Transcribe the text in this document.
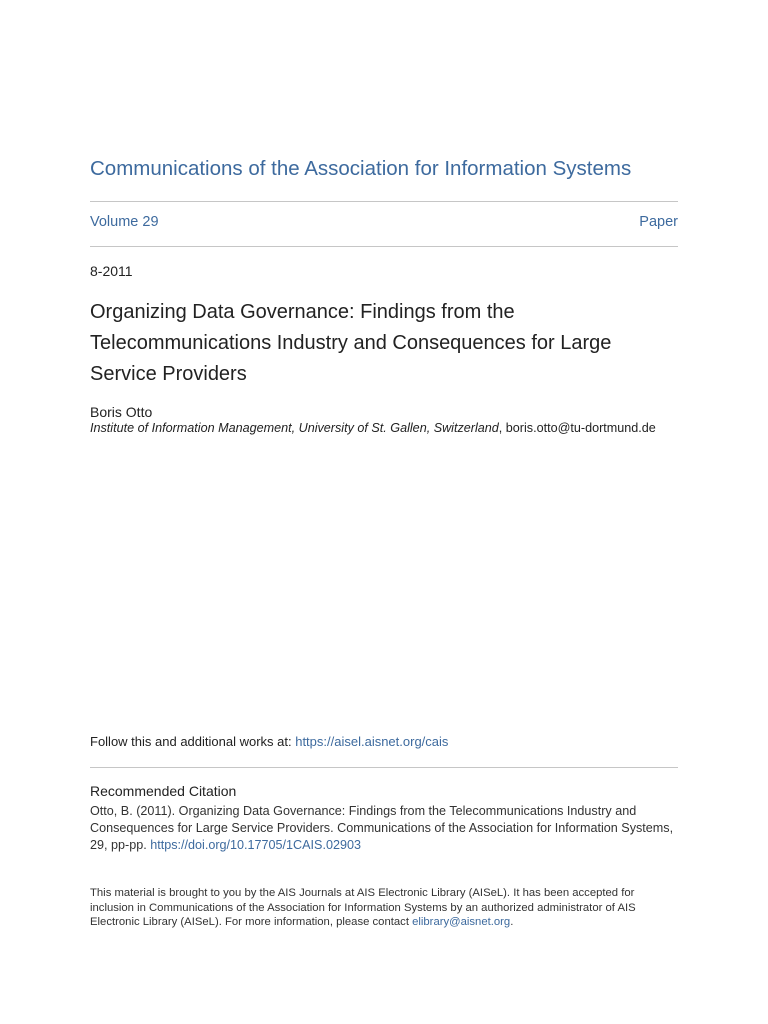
Communications of the Association for Information Systems
Volume 29	Paper
8-2011
Organizing Data Governance: Findings from the Telecommunications Industry and Consequences for Large Service Providers
Boris Otto
Institute of Information Management, University of St. Gallen, Switzerland, boris.otto@tu-dortmund.de
Follow this and additional works at: https://aisel.aisnet.org/cais
Recommended Citation
Otto, B. (2011). Organizing Data Governance: Findings from the Telecommunications Industry and Consequences for Large Service Providers. Communications of the Association for Information Systems, 29, pp-pp. https://doi.org/10.17705/1CAIS.02903
This material is brought to you by the AIS Journals at AIS Electronic Library (AISeL). It has been accepted for inclusion in Communications of the Association for Information Systems by an authorized administrator of AIS Electronic Library (AISeL). For more information, please contact elibrary@aisnet.org.
